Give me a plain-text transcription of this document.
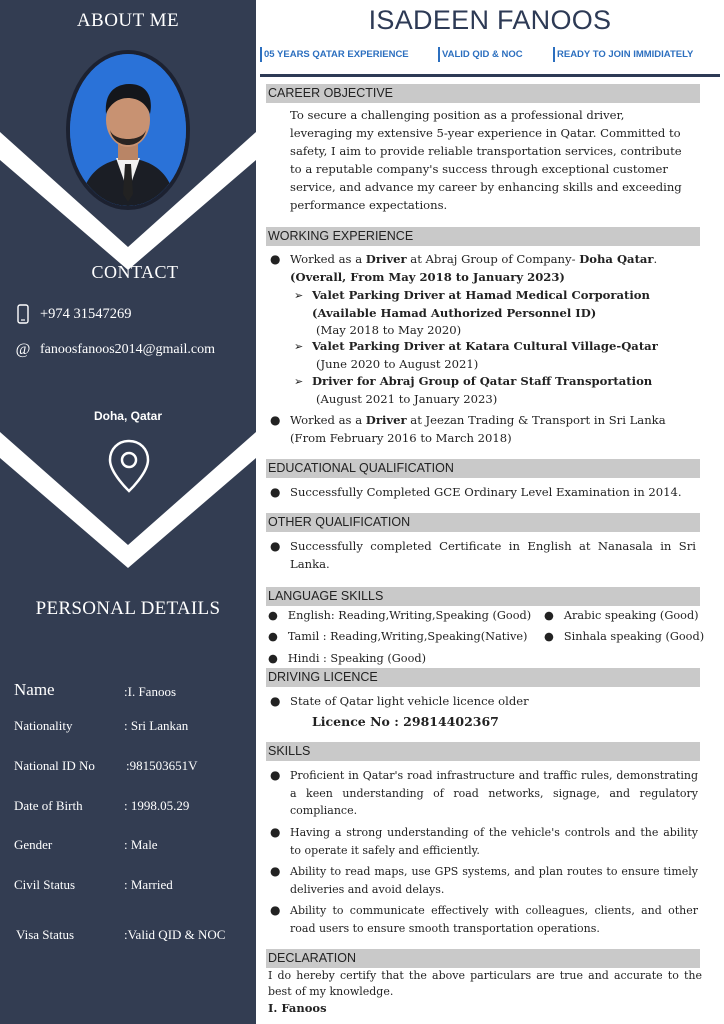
ABOUT ME
CONTACT
+974 31547269
@ fanoosfanoos2014@gmail.com
Doha, Qatar
PERSONAL DETAILS
Name	:I. Fanoos
Nationality	: Sri Lankan
National ID No :981503651V
Date of Birth	: 1998.05.29
Gender	: Male
Civil Status	: Married
Visa Status	:Valid QID & NOC
ISADEEN FANOOS
05 YEARS QATAR EXPERIENCE	VALID QID & NOC	READY TO JOIN IMMIDIATELY
CAREER OBJECTIVE
To secure a challenging position as a professional driver, leveraging my extensive 5-year experience in Qatar. Committed to safety, I aim to provide reliable transportation services, contribute to a reputable company's success through exceptional customer service, and advance my career by enhancing skills and exceeding performance expectations.
WORKING EXPERIENCE
● Worked as a Driver at Abraj Group of Company- Doha Qatar.
(Overall, From May 2018 to January 2023)
➢ Valet Parking Driver at Hamad Medical Corporation
(Available Hamad Authorized Personnel ID)
(May 2018 to May 2020)
➢ Valet Parking Driver at Katara Cultural Village-Qatar
(June 2020 to August 2021)
➢ Driver for Abraj Group of Qatar Staff Transportation
(August 2021 to January 2023)
● Worked as a Driver at Jeezan Trading & Transport in Sri Lanka
(From February 2016 to March 2018)
EDUCATIONAL QUALIFICATION
● Successfully Completed GCE Ordinary Level Examination in 2014.
OTHER QUALIFICATION
● Successfully completed Certificate in English at Nanasala in Sri Lanka.
LANGUAGE SKILLS
● English: Reading,Writing,Speaking (Good)
● Tamil : Reading,Writing,Speaking(Native)
● Hindi : Speaking (Good)
● Arabic speaking (Good)
● Sinhala speaking (Good)
DRIVING LICENCE
● State of Qatar light vehicle licence older
Licence No : 29814402367
SKILLS
● Proficient in Qatar's road infrastructure and traffic rules, demonstrating a keen understanding of road networks, signage, and regulatory compliance.
● Having a strong understanding of the vehicle's controls and the ability to operate it safely and efficiently.
● Ability to read maps, use GPS systems, and plan routes to ensure timely deliveries and avoid delays.
● Ability to communicate effectively with colleagues, clients, and other road users to ensure smooth transportation operations.
DECLARATION
I do hereby certify that the above particulars are true and accurate to the best of my knowledge.
I. Fanoos
